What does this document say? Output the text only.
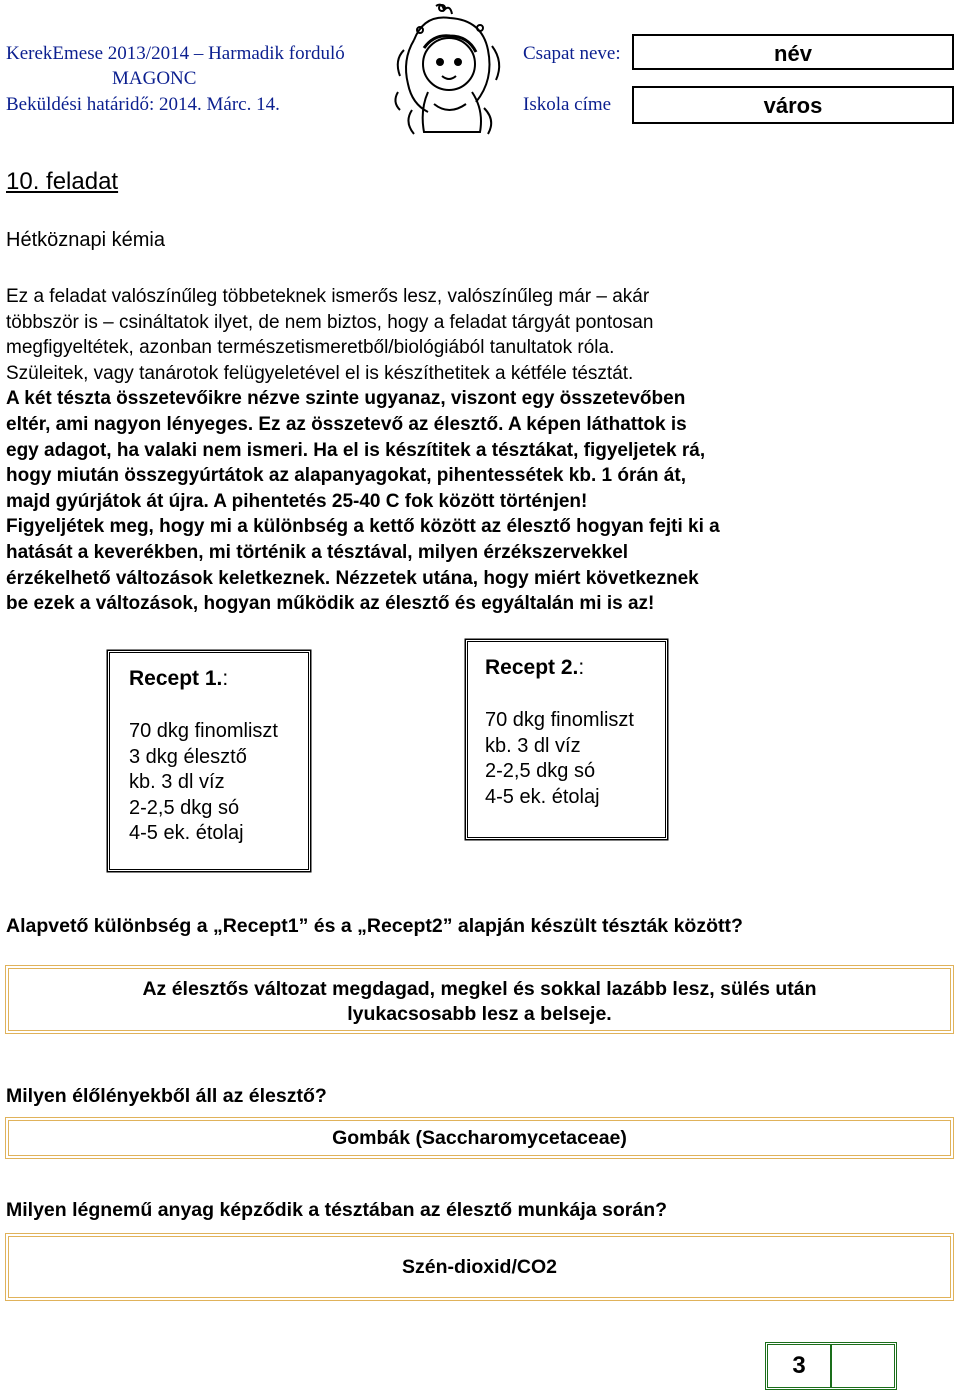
KerekEmese 2013/2014 – Harmadik forduló
MAGONC
Beküldési határidő: 2014. Márc. 14.
Csapat neve:
Iskola címe
név
város
10. feladat
Hétköznapi kémia
Ez a feladat valószínűleg többeteknek ismerős lesz, valószínűleg már – akár
többször is – csináltatok ilyet, de nem biztos, hogy a feladat tárgyát pontosan
megfigyeltétek, azonban természetismeretből/biológiából tanultatok róla.
Szüleitek, vagy tanárotok felügyeletével el is készíthetitek a kétféle tésztát.
A két tészta összetevőikre nézve szinte ugyanaz, viszont egy összetevőben
eltér, ami nagyon lényeges. Ez az összetevő az élesztő. A képen láthattok is
egy adagot, ha valaki nem ismeri. Ha el is készítitek a tésztákat, figyeljetek rá,
hogy miután összegyúrtátok az alapanyagokat, pihentessétek kb. 1 órán át,
majd gyúrjátok át újra. A pihentetés 25-40 C fok között történjen!
Figyeljétek meg, hogy mi a különbség a kettő között az élesztő hogyan fejti ki a
hatását a keverékben, mi történik a tésztával, milyen érzékszervekkel
érzékelhető változások keletkeznek. Nézzetek utána, hogy miért következnek
be ezek a változások, hogyan működik az élesztő és egyáltalán mi is az!
Recept 1.:
70 dkg finomliszt
3 dkg élesztő
kb. 3 dl víz
2-2,5 dkg só
4-5 ek. étolaj
Recept 2.:
70 dkg finomliszt
kb. 3 dl víz
2-2,5 dkg só
4-5 ek. étolaj
Alapvető különbség a „Recept1” és a „Recept2” alapján készült tészták között?
Az élesztős változat megdagad, megkel és sokkal lazább lesz, sülés után
lyukacsosabb lesz a belseje.
Milyen élőlényekből áll az élesztő?
Gombák (Saccharomycetaceae)
Milyen légnemű anyag képződik a tésztában az élesztő munkája során?
Szén-dioxid/CO2
3
